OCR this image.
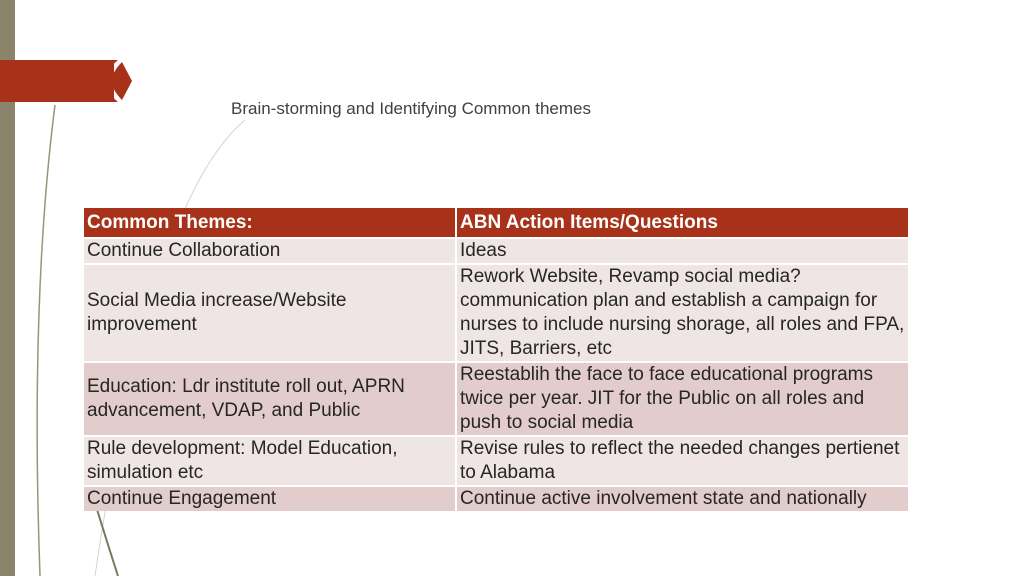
Brain-storming and Identifying Common themes
Common Themes:	ABN Action Items/Questions
Continue Collaboration	Ideas
Social Media increase/Website improvement	Rework Website, Revamp social media? communication plan and establish a campaign for nurses to include nursing shorage, all roles and FPA, JITS, Barriers, etc
Education: Ldr institute roll out, APRN advancement, VDAP, and Public	Reestablih the face to face educational programs twice per year. JIT for the Public on all roles and push to social media
Rule development: Model Education, simulation etc	Revise rules to reflect the needed changes pertienet to Alabama
Continue Engagement	Continue active involvement state and nationally
